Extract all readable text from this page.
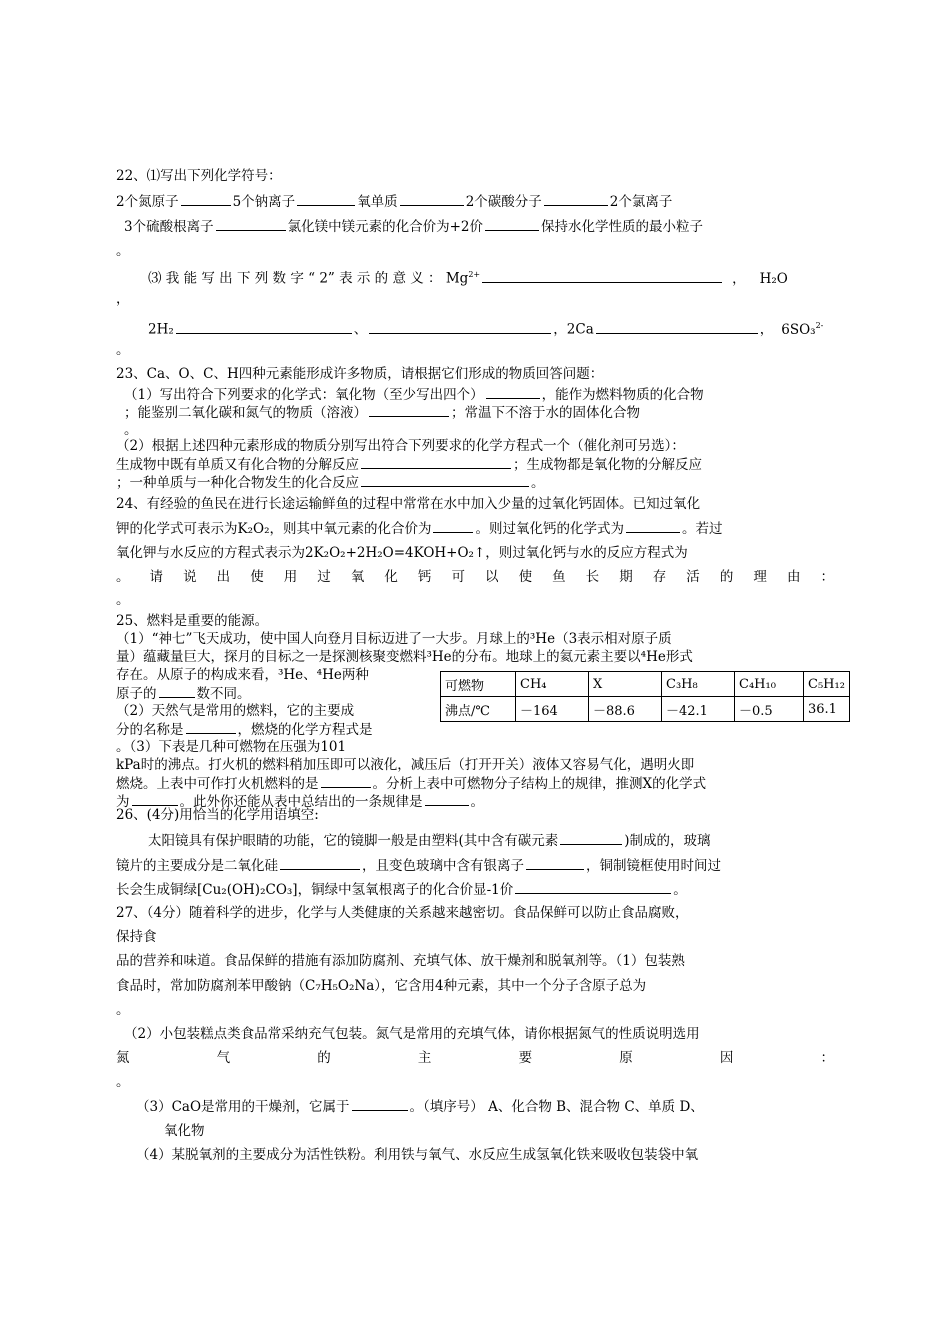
22、⑴写出下列化学符号：
2个氮原子	5个钠离子	氧单质	2个碳酸分子	2个氯离子
3个硫酸根离子	氯化镁中镁元素的化合价为+2价	保持水化学性质的最小粒子
。
⑶ 我 能 写 出 下 列 数 字 “ 2” 表 示 的 意 义 ： $Mg^{2+}$	， H₂O
，
2H₂	、	，2Ca	， 6SO₃$^{2-}$
。
23、Ca、O、C、H四种元素能形成许多物质，请根据它们形成的物质回答问题：
（1）写出符合下列要求的化学式：氧化物（至少写出四个）	，能作为燃料物质的化合物
；能鉴别二氧化碳和氮气的物质（溶液）	；常温下不溶于水的固体化合物
。
（2）根据上述四种元素形成的物质分别写出符合下列要求的化学方程式一个（催化剂可另选）：
生成物中既有单质又有化合物的分解反应	；生成物都是氧化物的分解反应
；一种单质与一种化合物发生的化合反应	。
24、有经验的鱼民在进行长途运输鲜鱼的过程中常常在水中加入少量的过氧化钙固体。已知过氧化
钾的化学式可表示为K₂O₂，则其中氧元素的化合价为	。则过氧化钙的化学式为	。若过
氧化钾与水反应的方程式表示为2K₂O₂+2H₂O=4KOH+O₂↑，则过氧化钙与水的反应方程式为
。 请 说 出 使 用 过 氧 化 钙 可 以 使 鱼 长 期 存 活 的 理 由 ：
。
25、燃料是重要的能源。
（1）“神七”飞天成功，使中国人向登月目标迈进了一大步。月球上的³He（3表示相对原子质
量）蕴藏量巨大，探月的目标之一是探测核聚变燃料³He的分布。地球上的氦元素主要以⁴He形式
存在。从原子的构成来看，³He、⁴He两种
原子的	数不同。
（2）天然气是常用的燃料，它的主要成
分的名称是	，燃烧的化学方程式是
。（3）下表是几种可燃物在压强为101
kPa时的沸点。打火机的燃料稍加压即可以液化，减压后（打开开关）液体又容易气化，遇明火即
燃烧。上表中可作打火机燃料的是	。分析上表中可燃物分子结构上的规律，推测X的化学式
为	。此外你还能从表中总结出的一条规律是	。
可燃物	CH₄	X	C₃H₈	C₄H₁₀	C₅H₁₂
沸点/℃	－164	－88.6	－42.1	－0.5	36.1
26、(4分)用恰当的化学用语填空:
太阳镜具有保护眼睛的功能，它的镜脚一般是由塑料(其中含有碳元素	)制成的，玻璃
镜片的主要成分是二氧化硅	，且变色玻璃中含有银离子	，铜制镜框使用时间过
长会生成铜绿[Cu₂(OH)₂CO₃]，铜绿中氢氧根离子的化合价显-1价	。
27、（4分）随着科学的进步，化学与人类健康的关系越来越密切。食品保鲜可以防止食品腐败，
保持食
品的营养和味道。食品保鲜的措施有添加防腐剂、充填气体、放干燥剂和脱氧剂等。（1）包装熟
食品时，常加防腐剂苯甲酸钠（C₇H₅O₂Na），它含用4种元素，其中一个分子含原子总为
。
（2）小包装糕点类食品常采纳充气包装。氮气是常用的充填气体，请你根据氮气的性质说明选用
氮	气	的	主	要	原	因	：
。
（3）CaO是常用的干燥剂，它属于	。（填序号） A、化合物 B、混合物 C、单质 D、
氧化物
（4）某脱氧剂的主要成分为活性铁粉。利用铁与氧气、水反应生成氢氧化铁来吸收包装袋中氧
